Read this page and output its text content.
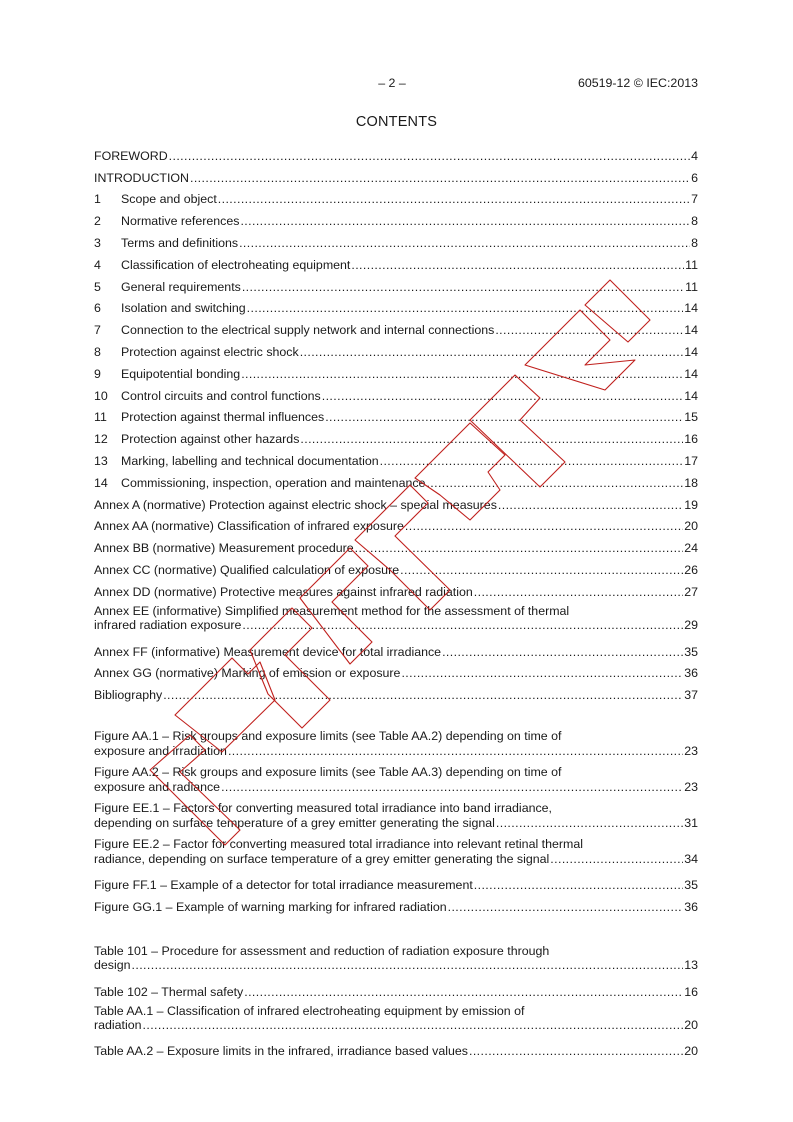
– 2 –	60519-12 © IEC:2013
CONTENTS
FOREWORD .....	4
INTRODUCTION .....	6
1	Scope and object .....	7
2	Normative references .....	8
3	Terms and definitions .....	8
4	Classification of electroheating equipment .....	11
5	General requirements .....	11
6	Isolation and switching .....	14
7	Connection to the electrical supply network and internal connections .....	14
8	Protection against electric shock .....	14
9	Equipotential bonding .....	14
10	Control circuits and control functions .....	14
11	Protection against thermal influences .....	15
12	Protection against other hazards .....	16
13	Marking, labelling and technical documentation .....	17
14	Commissioning, inspection, operation and maintenance .....	18
Annex A (normative) Protection against electric shock – special measures .....	19
Annex AA (normative) Classification of infrared exposure .....	20
Annex BB (normative) Measurement procedure .....	24
Annex CC (normative) Qualified calculation of exposure .....	26
Annex DD (normative) Protective measures against infrared radiation .....	27
Annex EE (informative) Simplified measurement method for the assessment of thermal
infrared radiation exposure .....	29
Annex FF (informative) Measurement device for total irradiance .....	35
Annex GG (normative) Marking of emission or exposure .....	36
Bibliography .....	37
Figure AA.1 – Risk groups and exposure limits (see Table AA.2) depending on time of
exposure and irradiation .....	23
Figure AA.2 – Risk groups and exposure limits (see Table AA.3) depending on time of
exposure and radiance .....	23
Figure EE.1 – Factors for converting measured total irradiance into band irradiance,
depending on surface temperature of a grey emitter generating the signal .....	31
Figure EE.2 – Factor for converting measured total irradiance into relevant retinal thermal
radiance, depending on surface temperature of a grey emitter generating the signal .....	34
Figure FF.1 – Example of a detector for total irradiance measurement .....	35
Figure GG.1 – Example of warning marking for infrared radiation .....	36
Table 101 – Procedure for assessment and reduction of radiation exposure through
design .....	13
Table 102 – Thermal safety .....	16
Table AA.1 – Classification of infrared electroheating equipment by emission of
radiation .....	20
Table AA.2 – Exposure limits in the infrared, irradiance based values .....	20
